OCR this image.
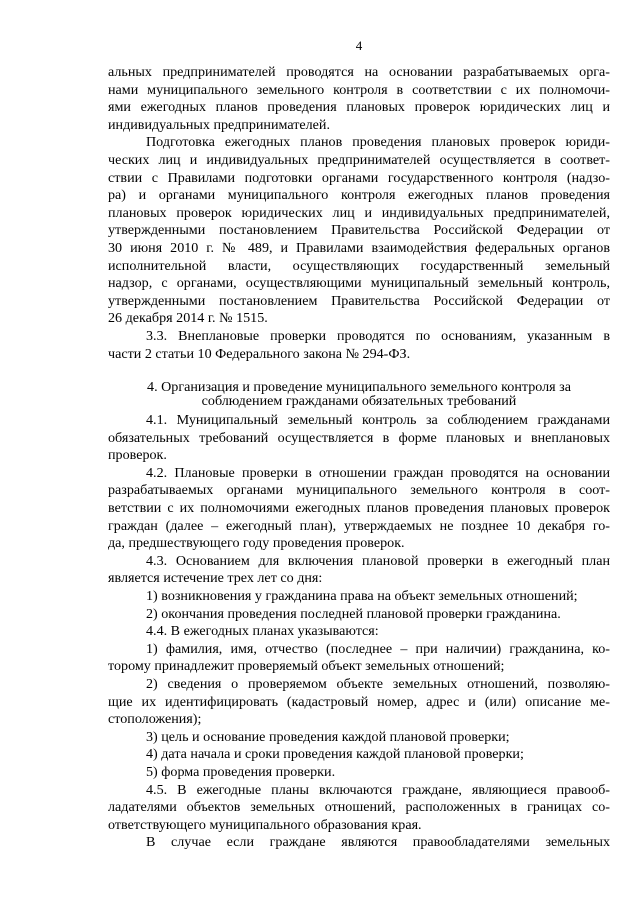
4

альных предпринимателей проводятся на основании разрабатываемых орга-

нами муниципального земельного контроля в соответствии с их полномочи-

ями ежегодных планов проведения плановых проверок юридических лиц и

индивидуальных предпринимателей.

Подготовка ежегодных планов проведения плановых проверок юриди-

ческих лиц и индивидуальных предпринимателей осуществляется в соответ-

ствии с Правилами подготовки органами государственного контроля (надзо-

ра) и органами муниципального контроля ежегодных планов проведения

плановых проверок юридических лиц и индивидуальных предпринимателей,

утвержденными постановлением Правительства Российской Федерации от

30 июня 2010 г. № 489, и Правилами взаимодействия федеральных органов

исполнительной власти, осуществляющих государственный земельный

надзор, с органами, осуществляющими муниципальный земельный контроль,

утвержденными постановлением Правительства Российской Федерации от

26 декабря 2014 г. № 1515.

3.3. Внеплановые проверки проводятся по основаниям, указанным в

части 2 статьи 10 Федерального закона № 294-ФЗ.

4. Организация и проведение муниципального земельного контроля за

соблюдением гражданами обязательных требований

4.1. Муниципальный земельный контроль за соблюдением гражданами

обязательных требований осуществляется в форме плановых и внеплановых

проверок.

4.2. Плановые проверки в отношении граждан проводятся на основании

разрабатываемых органами муниципального земельного контроля в соот-

ветствии с их полномочиями ежегодных планов проведения плановых проверок

граждан (далее – ежегодный план), утверждаемых не позднее 10 декабря го-

да, предшествующего году проведения проверок.

4.3. Основанием для включения плановой проверки в ежегодный план

является истечение трех лет со дня:

1) возникновения у гражданина права на объект земельных отношений;

2) окончания проведения последней плановой проверки гражданина.

4.4. В ежегодных планах указываются:

1) фамилия, имя, отчество (последнее – при наличии) гражданина, ко-

торому принадлежит проверяемый объект земельных отношений;

2) сведения о проверяемом объекте земельных отношений, позволяю-

щие их идентифицировать (кадастровый номер, адрес и (или) описание ме-

стоположения);

3) цель и основание проведения каждой плановой проверки;

4) дата начала и сроки проведения каждой плановой проверки;

5) форма проведения проверки.

4.5. В ежегодные планы включаются граждане, являющиеся правооб-

ладателями объектов земельных отношений, расположенных в границах со-

ответствующего муниципального образования края.

В случае если граждане являются правообладателями земельных
